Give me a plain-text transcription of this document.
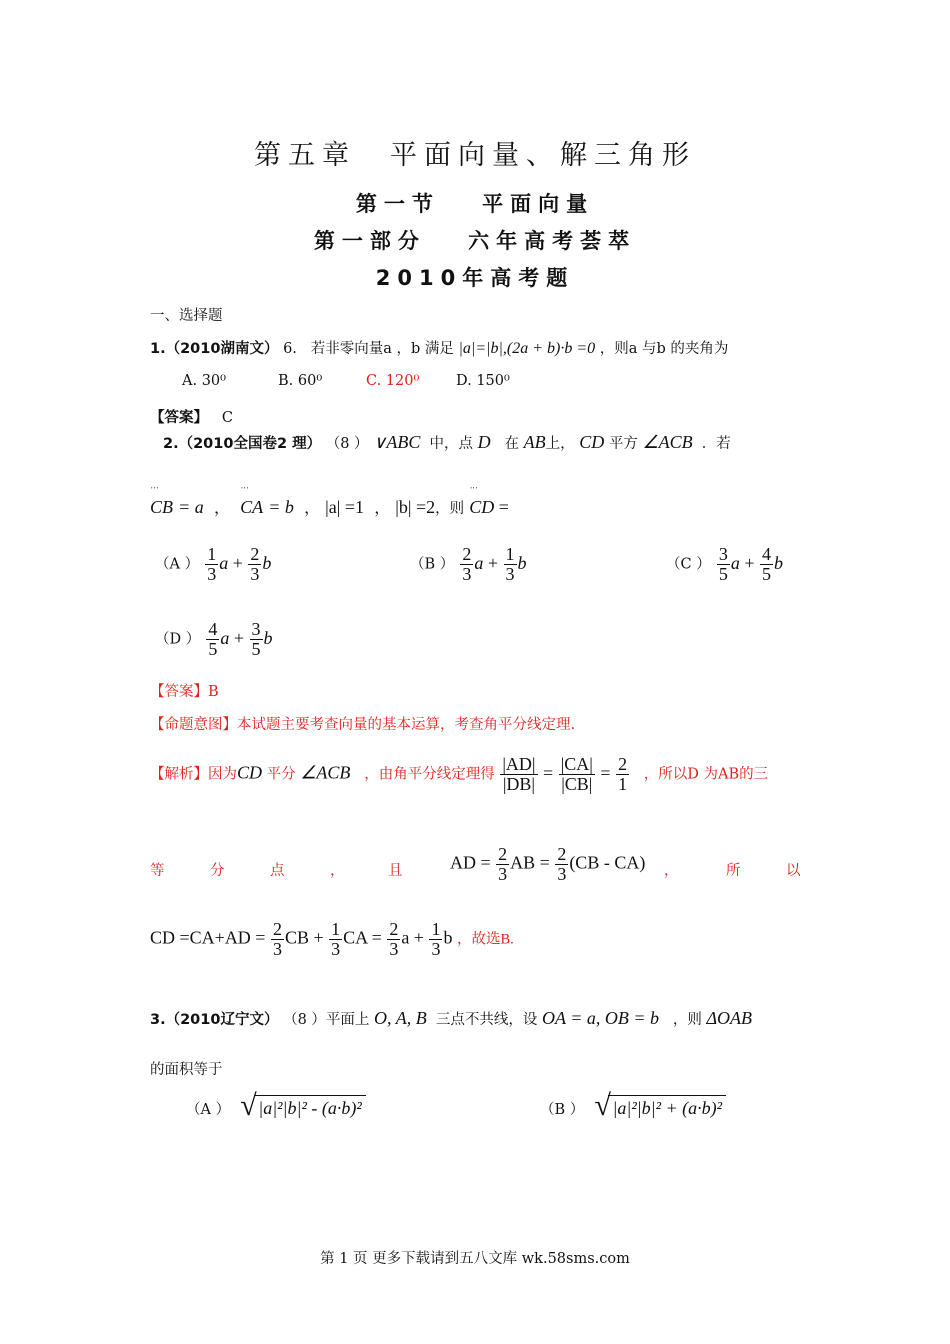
第五章　平面向量、解三角形
第一节　 平面向量
第一部分　 六年高考荟萃
2010年高考题
一、选择题
1.（2010湖南文） 6. 若非零向量a ，b 满足 |a|=|b|,(2a + b)·b =0 ，则a 与b 的夹角为
A. 30⁰	B. 60⁰	C. 120⁰	D. 150⁰
【答案】 C
2.（2010全国卷2 理） （8 ） ∨ABC 中，点 D 在 AB上， CD 平方 ∠ACB ．若
ˈˈˈ CB = a  ，  ˈˈˈ CA = b  ， |a| =1  ， |b| =2，则 ˈˈˈ CD =
（A ） $\frac{1}{3}$ $a + \frac{2}{3}$ b	（B ） $\frac{2}{3}$ $a + \frac{1}{3}$ b	（C ） $\frac{3}{5}$ $a + \frac{4}{5}$ b
（D ） $\frac{4}{5}$ $a + \frac{3}{5}$ b
【答案】B
【命题意图】本试题主要考查向量的基本运算，考查角平分线定理.
【解析】因为CD 平分 ∠ACB ，由角平分线定理得 $\frac{|AD|}{|DB|} = \frac{|CA|}{|CB|} = \frac{2}{1}$ ，所以D 为AB的三
等	分	点	，	且	AD = $\frac{2}{3}$ AB = $\frac{2}{3} (CB - CA)$ ，	所	以
CD $=CA+AD = \frac{2}{3}$ CB + $\frac{1}{3}$ CA = $\frac{2}{3}$ $a + \frac{1}{3}$ b ，故选B.
3.（2010辽宁文） （8 ）平面上 O, A, B 三点不共线，设 OA = a, OB = b ，则 ΔOAB
的面积等于
（A ） √ |a|²|b|² - (a·b)²	（B ） √ |a|²|b|² + (a·b)²
第 1 页 更多下载请到五八文库 wk.58sms.com
